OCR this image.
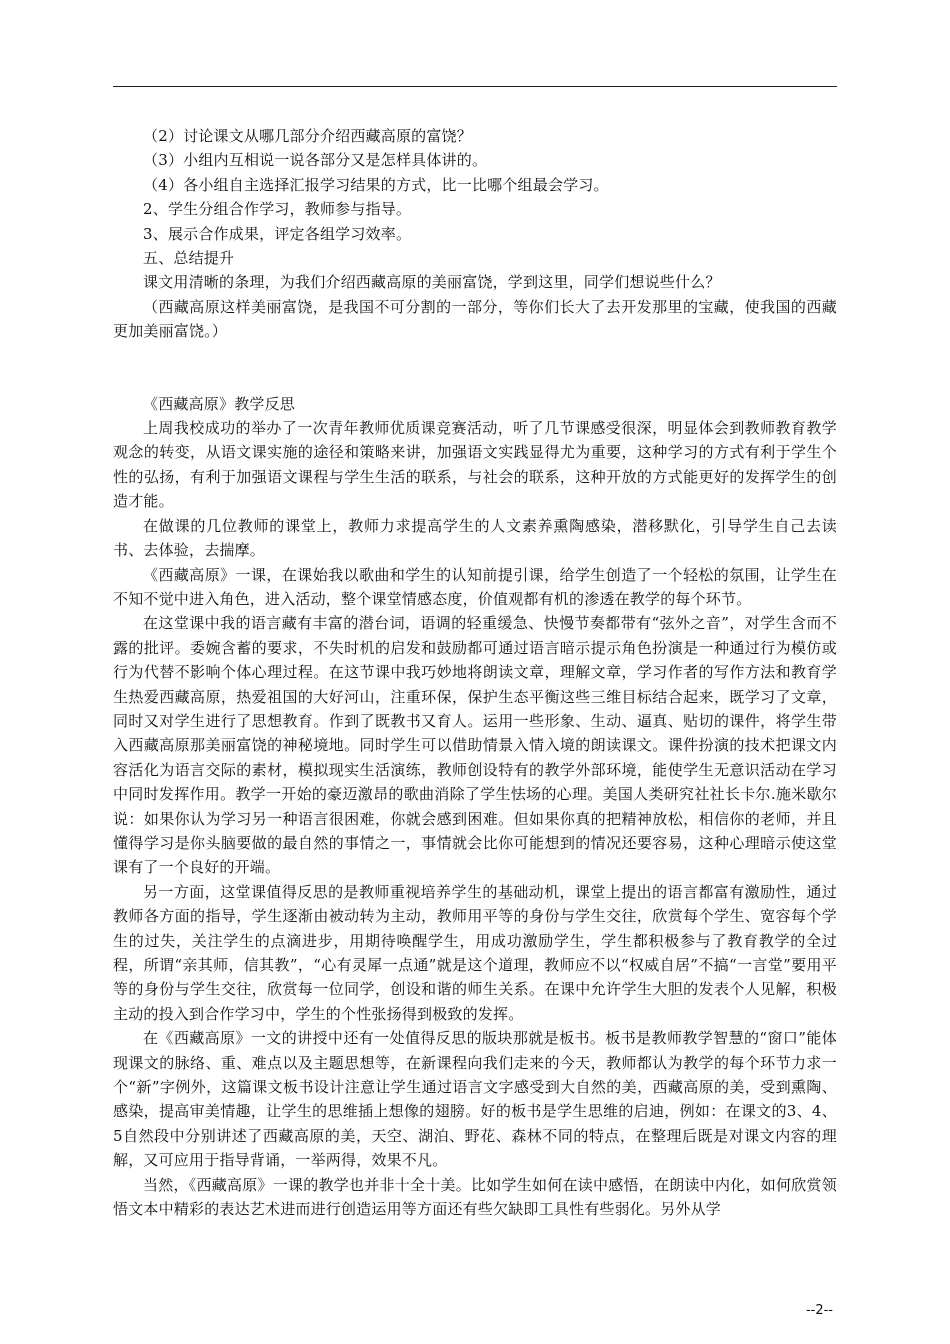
（2）讨论课文从哪几部分介绍西藏高原的富饶？

（3）小组内互相说一说各部分又是怎样具体讲的。

（4）各小组自主选择汇报学习结果的方式，比一比哪个组最会学习。

2、学生分组合作学习，教师参与指导。

3、展示合作成果，评定各组学习效率。

五、总结提升

课文用清晰的条理，为我们介绍西藏高原的美丽富饶，学到这里，同学们想说些什么？

（西藏高原这样美丽富饶，是我国不可分割的一部分，等你们长大了去开发那里的宝藏，使我国的西藏更加美丽富饶。）

《西藏高原》教学反思

上周我校成功的举办了一次青年教师优质课竞赛活动，听了几节课感受很深，明显体会到教师教育教学观念的转变，从语文课实施的途径和策略来讲，加强语文实践显得尤为重要，这种学习的方式有利于学生个性的弘扬，有利于加强语文课程与学生生活的联系，与社会的联系，这种开放的方式能更好的发挥学生的创造才能。

在做课的几位教师的课堂上，教师力求提高学生的人文素养熏陶感染，潜移默化，引导学生自己去读书、去体验，去揣摩。

《西藏高原》一课，在课始我以歌曲和学生的认知前提引课，给学生创造了一个轻松的氛围，让学生在不知不觉中进入角色，进入活动，整个课堂情感态度，价值观都有机的渗透在教学的每个环节。

在这堂课中我的语言藏有丰富的潜台词，语调的轻重缓急、快慢节奏都带有“弦外之音”，对学生含而不露的批评。委婉含蓄的要求，不失时机的启发和鼓励都可通过语言暗示提示角色扮演是一种通过行为模仿或行为代替不影响个体心理过程。在这节课中我巧妙地将朗读文章，理解文章，学习作者的写作方法和教育学生热爱西藏高原，热爱祖国的大好河山，注重环保，保护生态平衡这些三维目标结合起来，既学习了文章，同时又对学生进行了思想教育。作到了既教书又育人。运用一些形象、生动、逼真、贴切的课件，将学生带入西藏高原那美丽富饶的神秘境地。同时学生可以借助情景入情入境的朗读课文。课件扮演的技术把课文内容活化为语言交际的素材，模拟现实生活演练，教师创设特有的教学外部环境，能使学生无意识活动在学习中同时发挥作用。教学一开始的豪迈激昂的歌曲消除了学生怯场的心理。美国人类研究社社长卡尔.施米歇尔说：如果你认为学习另一种语言很困难，你就会感到困难。但如果你真的把精神放松，相信你的老师，并且懂得学习是你头脑要做的最自然的事情之一，事情就会比你可能想到的情况还要容易，这种心理暗示使这堂课有了一个良好的开端。

另一方面，这堂课值得反思的是教师重视培养学生的基础动机，课堂上提出的语言都富有激励性，通过教师各方面的指导，学生逐渐由被动转为主动，教师用平等的身份与学生交往，欣赏每个学生、宽容每个学生的过失，关注学生的点滴进步，用期待唤醒学生，用成功激励学生，学生都积极参与了教育教学的全过程，所谓“亲其师，信其教”，“心有灵犀一点通”就是这个道理，教师应不以“权威自居”不搞“一言堂”要用平等的身份与学生交往，欣赏每一位同学，创设和谐的师生关系。在课中允许学生大胆的发表个人见解，积极主动的投入到合作学习中，学生的个性张扬得到极致的发挥。

在《西藏高原》一文的讲授中还有一处值得反思的版块那就是板书。板书是教师教学智慧的“窗口”能体现课文的脉络、重、难点以及主题思想等，在新课程向我们走来的今天，教师都认为教学的每个环节力求一个“新”字例外，这篇课文板书设计注意让学生通过语言文字感受到大自然的美，西藏高原的美，受到熏陶、感染，提高审美情趣，让学生的思维插上想像的翅膀。好的板书是学生思维的启迪，例如：在课文的3、4、5自然段中分别讲述了西藏高原的美，天空、湖泊、野花、森林不同的特点，在整理后既是对课文内容的理解，又可应用于指导背诵，一举两得，效果不凡。

当然，《西藏高原》一课的教学也并非十全十美。比如学生如何在读中感悟，在朗读中内化，如何欣赏领悟文本中精彩的表达艺术进而进行创造运用等方面还有些欠缺即工具性有些弱化。另外从学

--2--
